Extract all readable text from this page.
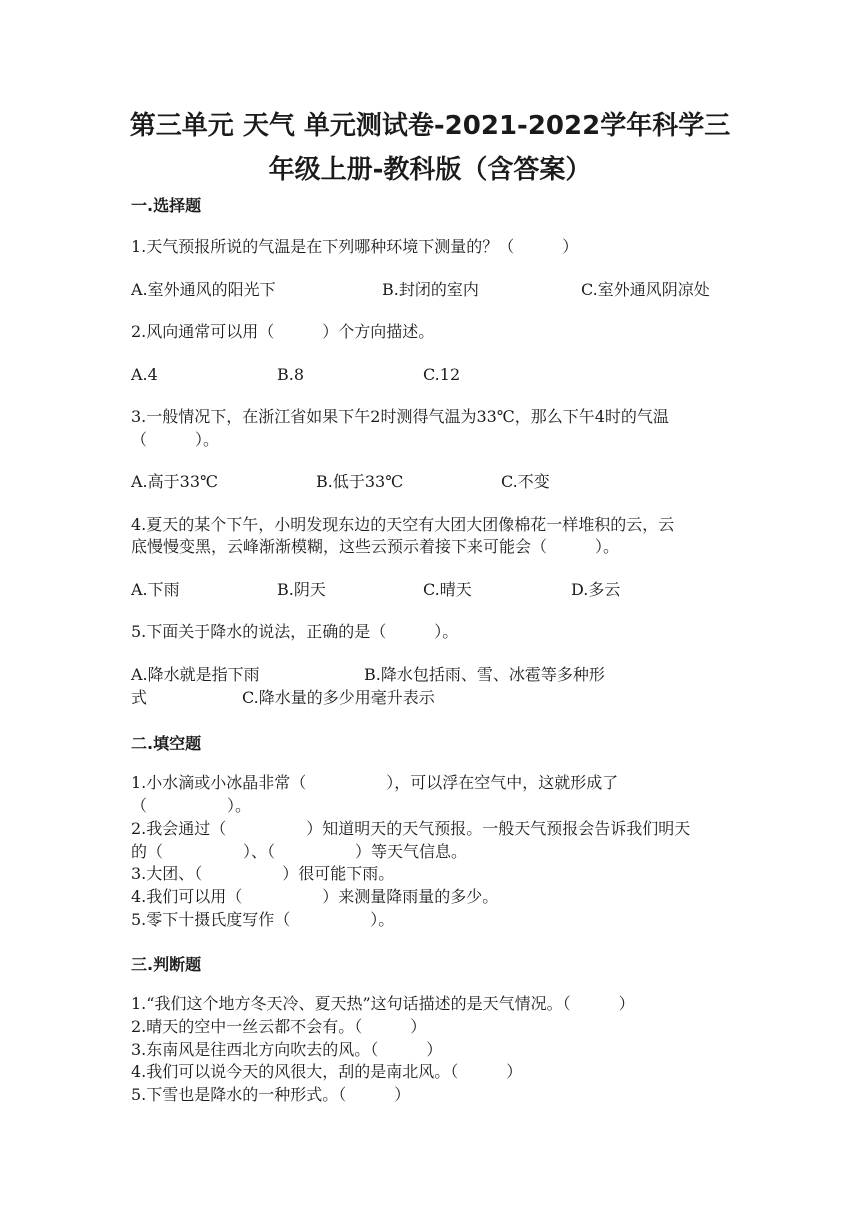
第三单元 天气 单元测试卷-2021-2022学年科学三
年级上册-教科版（含答案）
一.选择题
1.天气预报所说的气温是在下列哪种环境下测量的？（　　　）
A.室外通风的阳光下	B.封闭的室内	C.室外通风阴凉处
2.风向通常可以用（　　　）个方向描述。
A.4	B.8	C.12
3.一般情况下，在浙江省如果下午2时测得气温为33℃，那么下午4时的气温
（　　　）。
A.高于33℃	B.低于33℃	C.不变
4.夏天的某个下午，小明发现东边的天空有大团大团像棉花一样堆积的云，云
底慢慢变黑，云峰渐渐模糊，这些云预示着接下来可能会（　　　）。
A.下雨	B.阴天	C.晴天	D.多云
5.下面关于降水的说法，正确的是（　　　）。
A.降水就是指下雨	B.降水包括雨、雪、冰雹等多种形
式	C.降水量的多少用毫升表示
二.填空题
1.小水滴或小冰晶非常（　　　　　），可以浮在空气中，这就形成了
（　　　　　）。
2.我会通过（　　　　　）知道明天的天气预报。一般天气预报会告诉我们明天
的（　　　　　）、（　　　　　）等天气信息。
3.大团、（　　　　　）很可能下雨。
4.我们可以用（　　　　　）来测量降雨量的多少。
5.零下十摄氏度写作（　　　　　）。
三.判断题
1.“我们这个地方冬天冷、夏天热”这句话描述的是天气情况。（　　　）
2.晴天的空中一丝云都不会有。（　　　）
3.东南风是往西北方向吹去的风。（　　　）
4.我们可以说今天的风很大，刮的是南北风。（　　　）
5.下雪也是降水的一种形式。（　　　）
